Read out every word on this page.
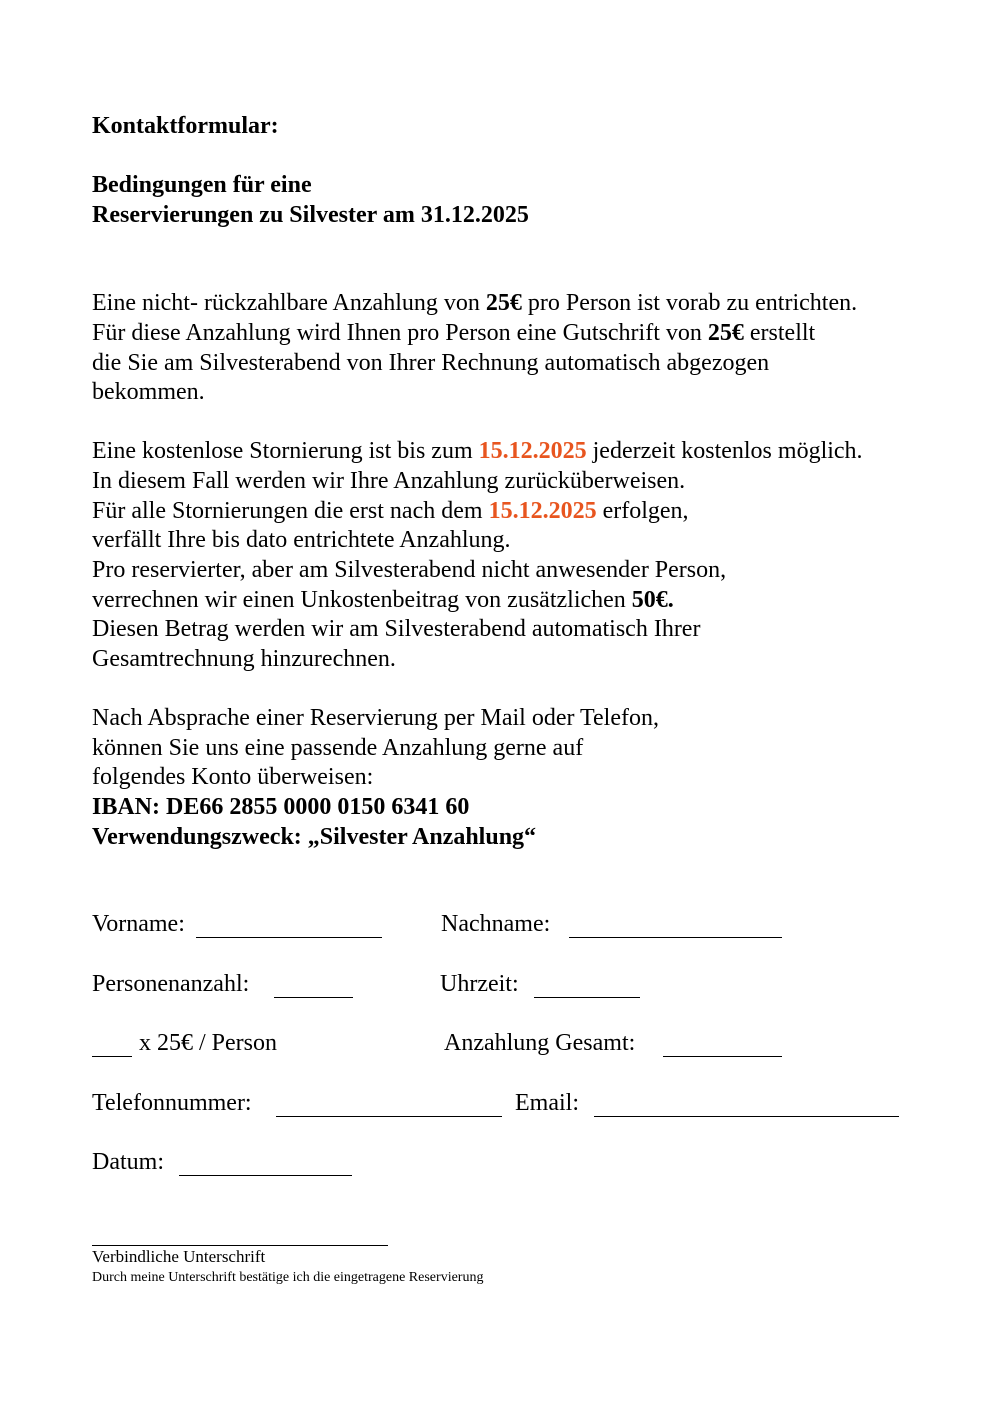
Kontaktformular:
Bedingungen für eine
Reservierungen zu Silvester am 31.12.2025
Eine nicht- rückzahlbare Anzahlung von 25€ pro Person ist vorab zu entrichten.
Für diese Anzahlung wird Ihnen pro Person eine Gutschrift von 25€ erstellt
die Sie am Silvesterabend von Ihrer Rechnung automatisch abgezogen
bekommen.
Eine kostenlose Stornierung ist bis zum 15.12.2025 jederzeit kostenlos möglich.
In diesem Fall werden wir Ihre Anzahlung zurücküberweisen.
Für alle Stornierungen die erst nach dem 15.12.2025 erfolgen,
verfällt Ihre bis dato entrichtete Anzahlung.
Pro reservierter, aber am Silvesterabend nicht anwesender Person,
verrechnen wir einen Unkostenbeitrag von zusätzlichen 50€.
Diesen Betrag werden wir am Silvesterabend automatisch Ihrer
Gesamtrechnung hinzurechnen.
Nach Absprache einer Reservierung per Mail oder Telefon,
können Sie uns eine passende Anzahlung gerne auf
folgendes Konto überweisen:
IBAN: DE66 2855 0000 0150 6341 60
Verwendungszweck: „Silvester Anzahlung“
Vorname:	Nachname:
Personenanzahl:	Uhrzeit:
x 25€ / Person	Anzahlung Gesamt:
Telefonnummer:	Email:
Datum:
Verbindliche Unterschrift
Durch meine Unterschrift bestätige ich die eingetragene Reservierung
